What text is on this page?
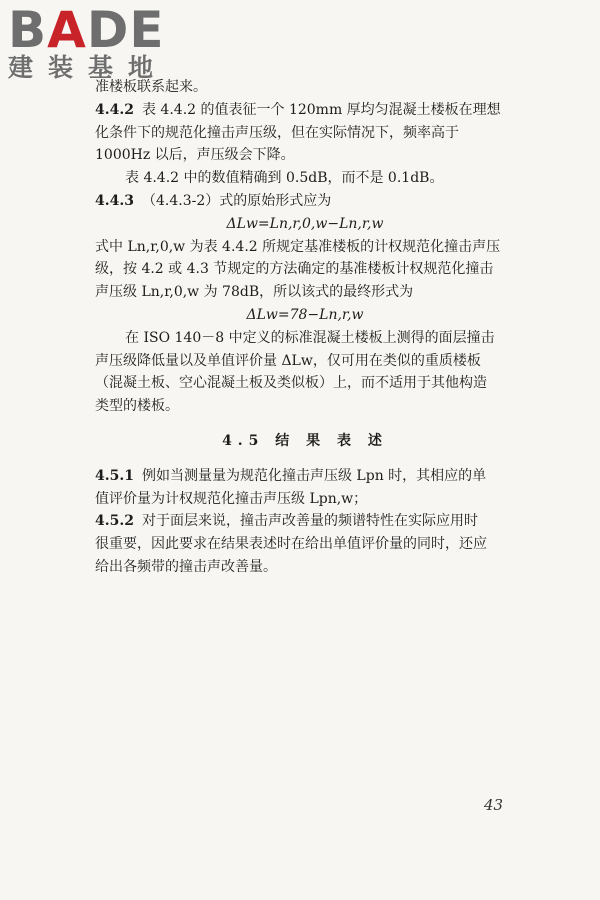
BADE
建装基地
准楼板联系起来。
4.4.2 表 4.4.2 的值表征一个 120mm 厚均匀混凝土楼板在理想
化条件下的规范化撞击声压级，但在实际情况下，频率高于
1000Hz 以后，声压级会下降。
表 4.4.2 中的数值精确到 0.5dB，而不是 0.1dB。
4.4.3 （4.4.3-2）式的原始形式应为
ΔLw=Ln,r,0,w−Ln,r,w
式中 Ln,r,0,w 为表 4.4.2 所规定基准楼板的计权规范化撞击声压
级，按 4.2 或 4.3 节规定的方法确定的基准楼板计权规范化撞击
声压级 Ln,r,0,w 为 78dB，所以该式的最终形式为
ΔLw=78−Ln,r,w
在 ISO 140－8 中定义的标准混凝土楼板上测得的面层撞击
声压级降低量以及单值评价量 ΔLw，仅可用在类似的重质楼板
（混凝土板、空心混凝土板及类似板）上，而不适用于其他构造
类型的楼板。
4.5 结 果 表 述
4.5.1 例如当测量量为规范化撞击声压级 Lpn 时，其相应的单
值评价量为计权规范化撞击声压级 Lpn,w；
4.5.2 对于面层来说，撞击声改善量的频谱特性在实际应用时
很重要，因此要求在结果表述时在给出单值评价量的同时，还应
给出各频带的撞击声改善量。
43
